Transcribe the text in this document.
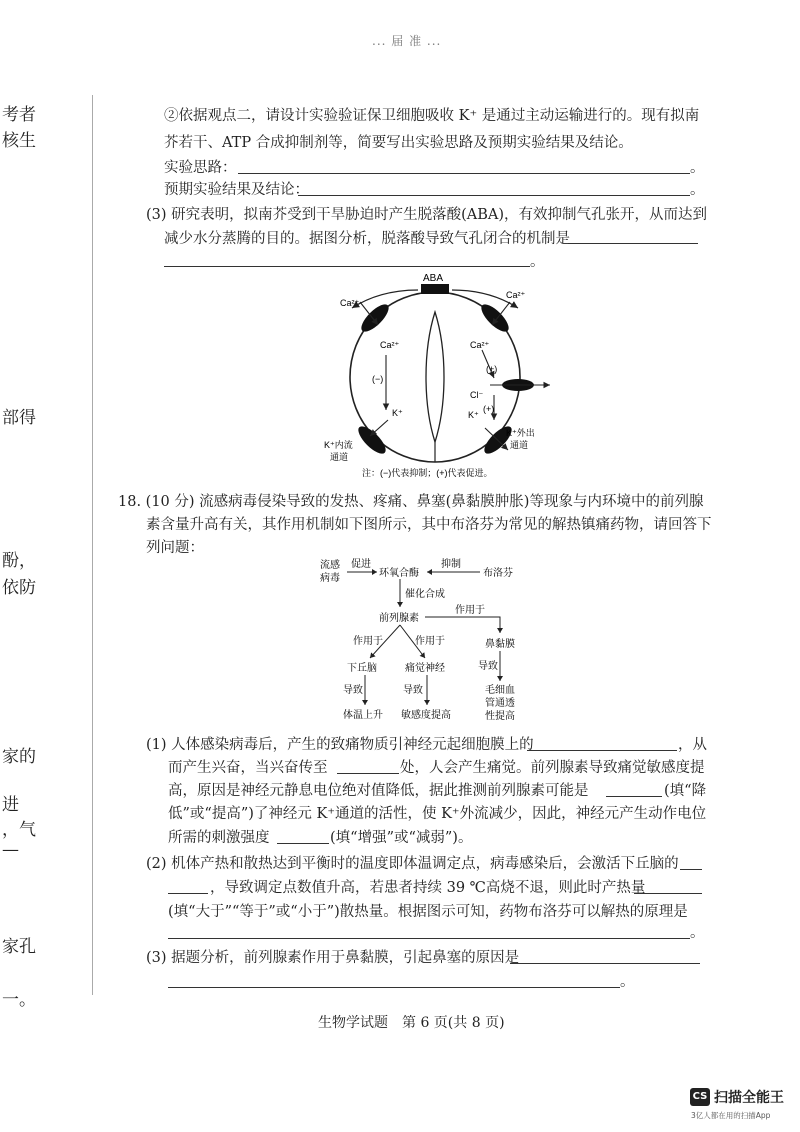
... 届 准 ...
考者
核生
部得
酚，
依防
家的
进
，气
—
家孔
一。
②依据观点二，请设计实验验证保卫细胞吸收 K⁺ 是通过主动运输进行的。现有拟南
芥若干、ATP 合成抑制剂等，简要写出实验思路及预期实验结果及结论。
实验思路：	。
预期实验结果及结论：	。
(3) 研究表明，拟南芥受到干旱胁迫时产生脱落酸(ABA)，有效抑制气孔张开，从而达到
减少水分蒸腾的目的。据图分析，脱落酸导致气孔闭合的机制是
。
ABA
Ca²⁺
Ca²⁺
Ca²⁺
Ca²⁺
(−)
(+)
Cl⁻
(+)
K⁺	K⁺
K⁺内流
通道
K⁺外出
通道
注：(−)代表抑制；(+)代表促进。
18. (10 分) 流感病毒侵染导致的发热、疼痛、鼻塞(鼻黏膜肿胀)等现象与内环境中的前列腺
素含量升高有关，其作用机制如下图所示，其中布洛芬为常见的解热镇痛药物，请回答下
列问题：
流感
病毒
促进
环氧合酶
抑制
布洛芬
催化合成
前列腺素
作用于
作用于	作用于	鼻黏膜
下丘脑	痛觉神经
导致	导致
导致
体温上升 敏感度提高
毛细血
管通透
性提高
(1) 人体感染病毒后，产生的致痛物质引神经元起细胞膜上的	，从
而产生兴奋，当兴奋传至	处，人会产生痛觉。前列腺素导致痛觉敏感度提
高，原因是神经元静息电位绝对值降低，据此推测前列腺素可能是	(填“降
低”或“提高”)了神经元 K⁺通道的活性，使 K⁺外流减少，因此，神经元产生动作电位
所需的刺激强度	(填“增强”或“减弱”)。
(2) 机体产热和散热达到平衡时的温度即体温调定点，病毒感染后，会激活下丘脑的
，导致调定点数值升高，若患者持续 39 ℃高烧不退，则此时产热量
(填“大于”“等于”或“小于”)散热量。根据图示可知，药物布洛芬可以解热的原理是
。
(3) 据题分析，前列腺素作用于鼻黏膜，引起鼻塞的原因是
。
生物学试题　第 6 页(共 8 页)
CS 扫描全能王
3亿人都在用的扫描App
